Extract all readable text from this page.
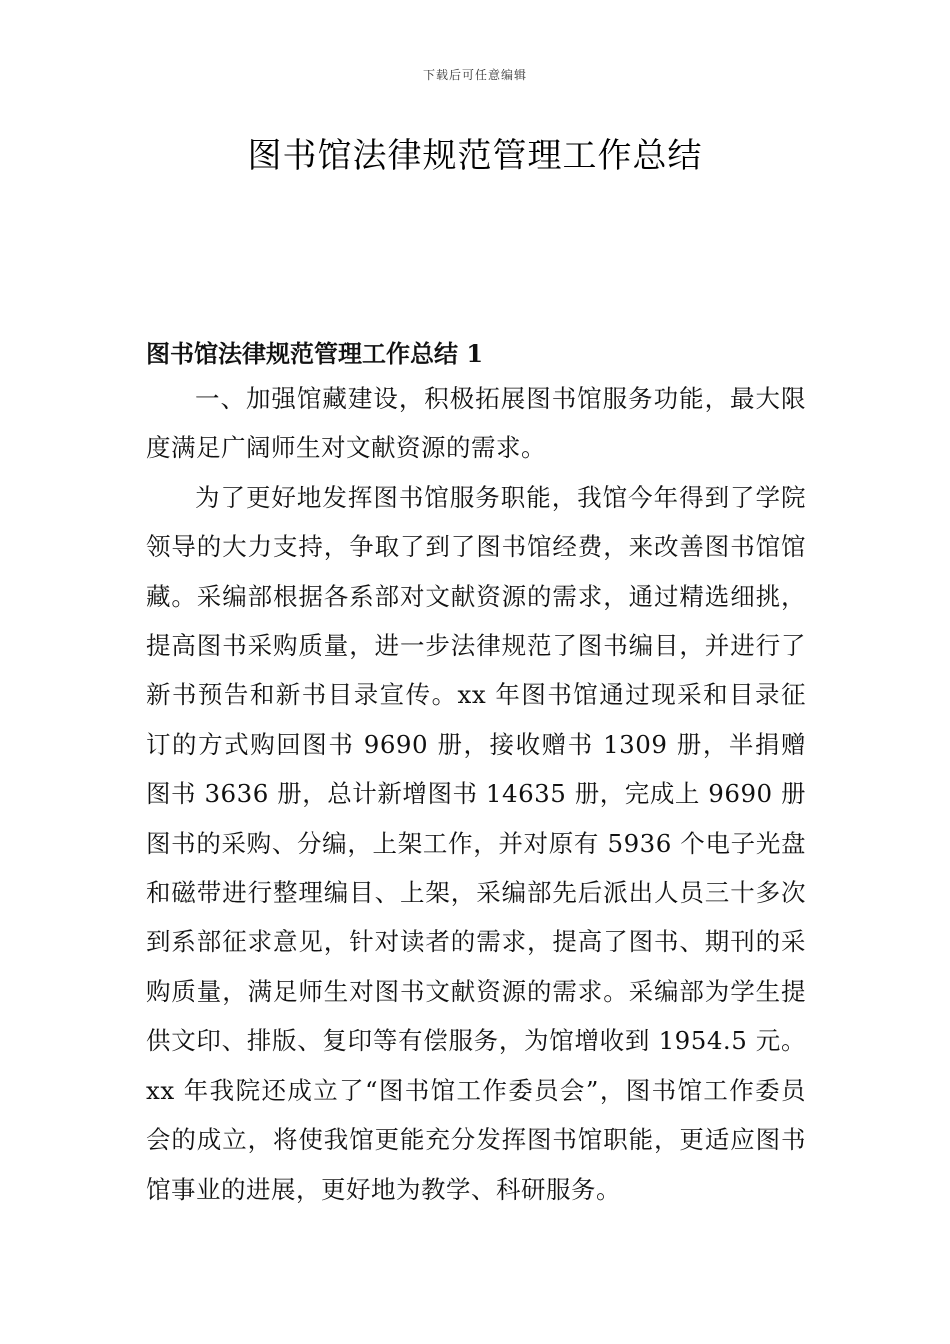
下载后可任意编辑
图书馆法律规范管理工作总结
图书馆法律规范管理工作总结 1

一、加强馆藏建设，积极拓展图书馆服务功能，最大限度满足广阔师生对文献资源的需求。

为了更好地发挥图书馆服务职能，我馆今年得到了学院领导的大力支持，争取了到了图书馆经费，来改善图书馆馆藏。采编部根据各系部对文献资源的需求，通过精选细挑，提高图书采购质量，进一步法律规范了图书编目，并进行了新书预告和新书目录宣传。xx 年图书馆通过现采和目录征订的方式购回图书 9690 册，接收赠书 1309 册，半捐赠图书 3636 册，总计新增图书 14635 册，完成上 9690 册图书的采购、分编，上架工作，并对原有 5936 个电子光盘和磁带进行整理编目、上架，采编部先后派出人员三十多次到系部征求意见，针对读者的需求，提高了图书、期刊的采购质量，满足师生对图书文献资源的需求。采编部为学生提供文印、排版、复印等有偿服务，为馆增收到 1954.5 元。xx 年我院还成立了“图书馆工作委员会”，图书馆工作委员会的成立，将使我馆更能充分发挥图书馆职能，更适应图书馆事业的进展，更好地为教学、科研服务。
